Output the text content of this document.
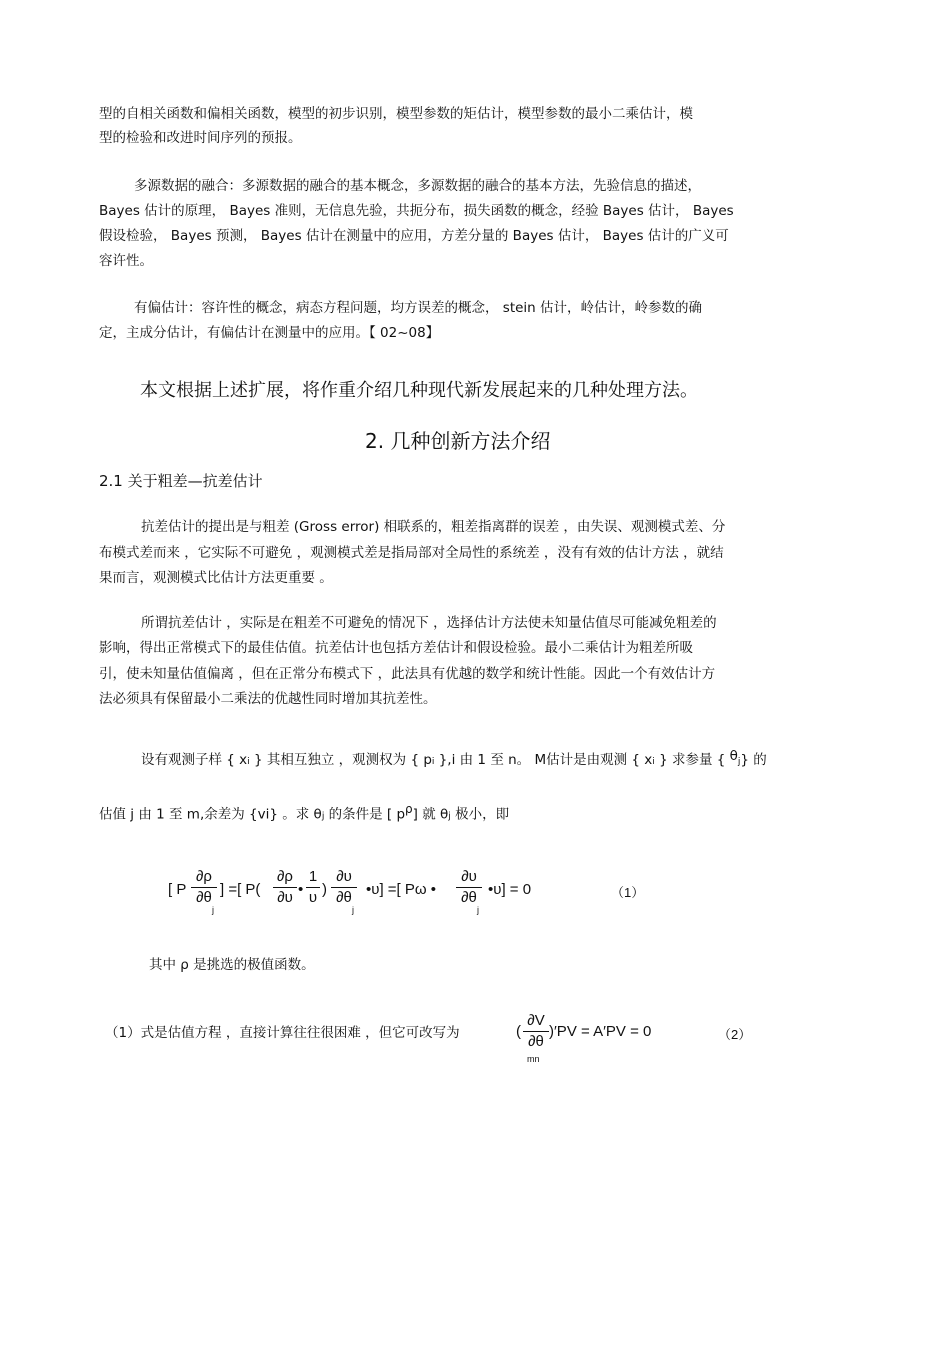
型的自相关函数和偏相关函数，模型的初步识别，模型参数的矩估计，模型参数的最小二乘估计，模
型的检验和改进时间序列的预报。
多源数据的融合：多源数据的融合的基本概念，多源数据的融合的基本方法，先验信息的描述，
Bayes 估计的原理， Bayes 准则，无信息先验，共扼分布，损失函数的概念，经验 Bayes 估计， Bayes
假设检验， Bayes 预测， Bayes 估计在测量中的应用，方差分量的 Bayes 估计， Bayes 估计的广义可
容许性。
有偏估计：容许性的概念，病态方程问题，均方误差的概念， stein 估计，岭估计，岭参数的确
定，主成分估计，有偏估计在测量中的应用。【 02~08】
本文根据上述扩展，将作重介绍几种现代新发展起来的几种处理方法。
2. 几种创新方法介绍
2.1 关于粗差—抗差估计
抗差估计的提出是与粗差 (Gross error) 相联系的，粗差指离群的误差 ，由失误、观测模式差、分
布模式差而来 ，它实际不可避免 ，观测模式差是指局部对全局性的系统差 ，没有有效的估计方法 ，就结
果而言，观测模式比估计方法更重要 。
所谓抗差估计 ，实际是在粗差不可避免的情况下 ，选择估计方法使未知量估值尽可能减免粗差的
影响，得出正常模式下的最佳估值。抗差估计也包括方差估计和假设检验。最小二乘估计为粗差所吸
引，使未知量估值偏离 ，但在正常分布模式下 ，此法具有优越的数学和统计性能。因此一个有效估计方
法必须具有保留最小二乘法的优越性同时增加其抗差性。
设有观测子样 { xi } 其相互独立 ，观测权为 { pi },i 由 1 至 n。 M估计是由观测 { xi } 求参量 { θj} 的
估值 j 由 1 至 m,余差为 {vi} 。求 θj 的条件是 [ $p^\rho$] 就 θj 极小，即
[ P
∂ρ
∂θ
j
] =[ P(
∂ρ
∂υ •
1
υ )
∂υ
∂θ
j
•υ] =[ Pω •
∂υ
∂θ
j
•υ] = 0	（1）
其中 ρ 是挑选的极值函数。
（1）式是估值方程 ，直接计算往往很困难 ，但它可改写为	(
∂V
∂θ
mn
)′PV = A′PV = 0	（2）
